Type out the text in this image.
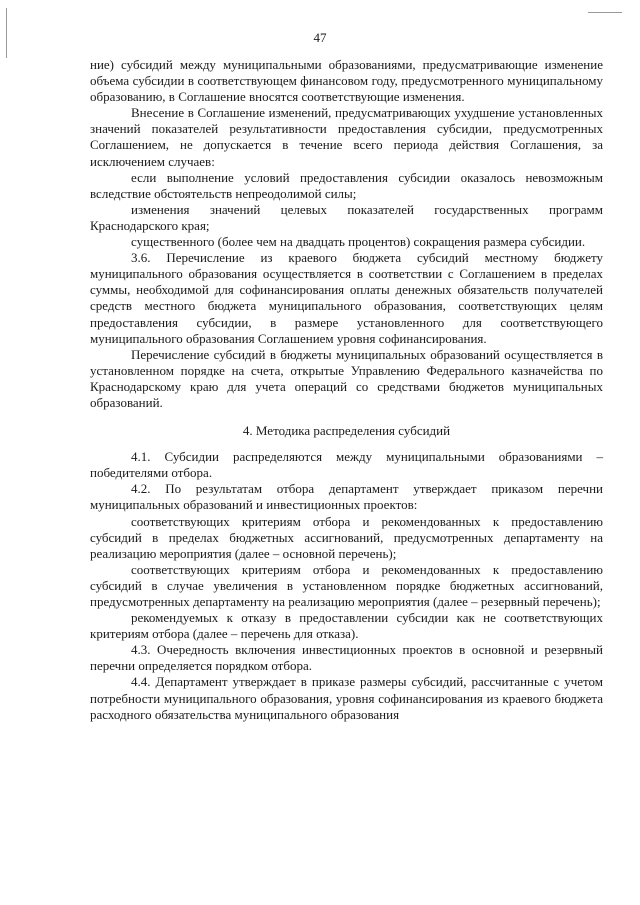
47

ние) субсидий между муниципальными образованиями, предусматривающие изменение объема субсидии в соответствующем финансовом году, предусмотренного муниципальному образованию, в Соглашение вносятся соответствующие изменения.

Внесение в Соглашение изменений, предусматривающих ухудшение установленных значений показателей результативности предоставления субсидии, предусмотренных Соглашением, не допускается в течение всего периода действия Соглашения, за исключением случаев:

если выполнение условий предоставления субсидии оказалось невозможным вследствие обстоятельств непреодолимой силы;

изменения значений целевых показателей государственных программ Краснодарского края;

существенного (более чем на двадцать процентов) сокращения размера субсидии.

3.6. Перечисление из краевого бюджета субсидий местному бюджету муниципального образования осуществляется в соответствии с Соглашением в пределах суммы, необходимой для софинансирования оплаты денежных обязательств получателей средств местного бюджета муниципального образования, соответствующих целям предоставления субсидии, в размере установленного для соответствующего муниципального образования Соглашением уровня софинансирования.

Перечисление субсидий в бюджеты муниципальных образований осуществляется в установленном порядке на счета, открытые Управлению Федерального казначейства по Краснодарскому краю для учета операций со средствами бюджетов муниципальных образований.

4. Методика распределения субсидий

4.1. Субсидии распределяются между муниципальными образованиями – победителями отбора.

4.2. По результатам отбора департамент утверждает приказом перечни муниципальных образований и инвестиционных проектов:

соответствующих критериям отбора и рекомендованных к предоставлению субсидий в пределах бюджетных ассигнований, предусмотренных департаменту на реализацию мероприятия (далее – основной перечень);

соответствующих критериям отбора и рекомендованных к предоставлению субсидий в случае увеличения в установленном порядке бюджетных ассигнований, предусмотренных департаменту на реализацию мероприятия (далее – резервный перечень);

рекомендуемых к отказу в предоставлении субсидии как не соответствующих критериям отбора (далее – перечень для отказа).

4.3. Очередность включения инвестиционных проектов в основной и резервный перечни определяется порядком отбора.

4.4. Департамент утверждает в приказе размеры субсидий, рассчитанные с учетом потребности муниципального образования, уровня софинансирования из краевого бюджета расходного обязательства муниципального образования
